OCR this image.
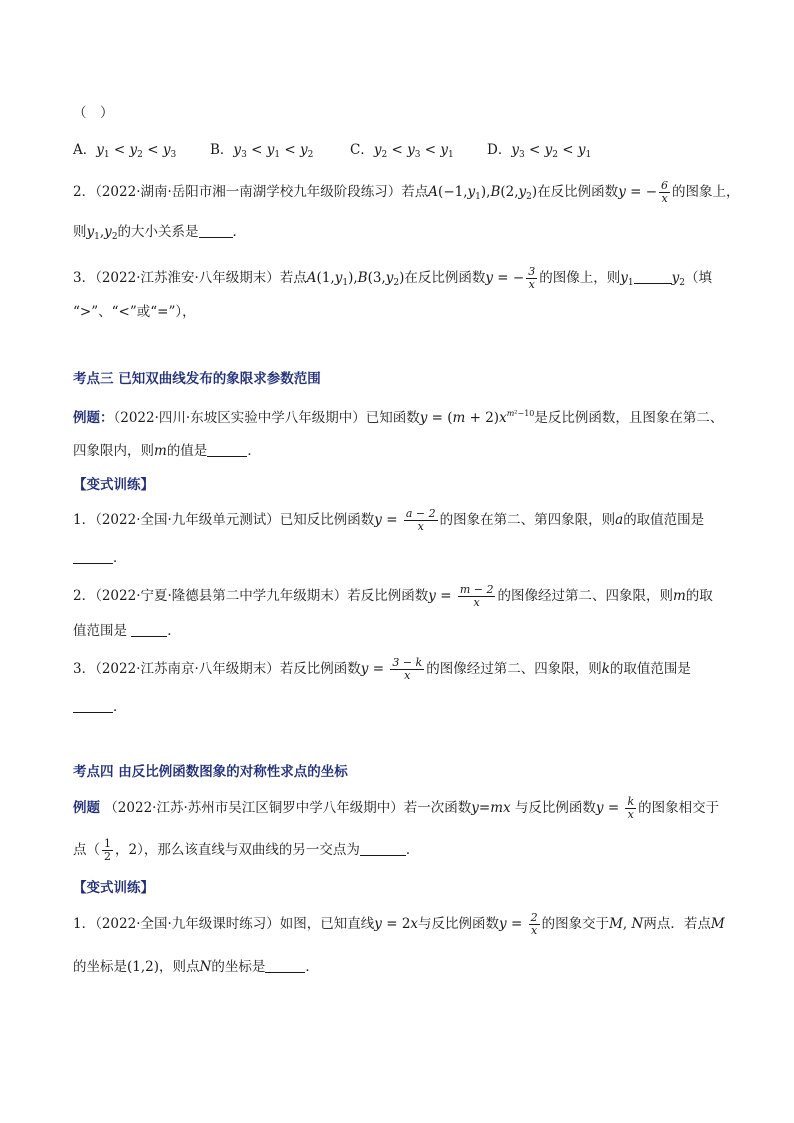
（　）
A．$y_1 < y_2 < y_3$	B．$y_3 < y_1 < y_2$	C．$y_2 < y_3 < y_1$ D．$y_3 < y_2 < y_1$
2．（2022·湖南·岳阳市湘一南湖学校九年级阶段练习）若点$A(-1,y_1),B(2,y_2)$在反比例函数y = − $\frac{6}{x}$ 的图象上，
则$y_1,y_2$的大小关系是	．
3．（2022·江苏淮安·八年级期末）若点$A(1,y_1),B(3,y_2)$在反比例函数y = − $\frac{3}{x}$ 的图像上，则$y_1$	$y_2$（填
“>”、“<”或“=”），
考点三 已知双曲线发布的象限求参数范围
例题：（2022·四川·东坡区实验中学八年级期中）已知函数$y = (m + 2)x^{m^2-10}$是反比例函数，且图象在第二、
四象限内，则m的值是	．
【变式训练】
1．（2022·全国·九年级单元测试）已知反比例函数$y = \frac{a - 2}{x}$ 的图象在第二、第四象限，则a的取值范围是
．
2．（2022·宁夏·隆德县第二中学九年级期末）若反比例函数$y = \frac{m - 2}{x}$ 的图像经过第二、四象限，则m的取
值范围是	．
3．（2022·江苏南京·八年级期末）若反比例函数$y = \frac{3 - k}{x}$ 的图像经过第二、四象限，则k的取值范围是
．
考点四 由反比例函数图象的对称性求点的坐标
例题 （2022·江苏·苏州市吴江区铜罗中学八年级期中）若一次函数y=mx 与反比例函数$y = \frac{k}{x}$ 的图象相交于
点（ $\frac{1}{2}$ ，2），那么该直线与双曲线的另一交点为	．
【变式训练】
1．（2022·全国·九年级课时练习）如图，已知直线y = 2x与反比例函数$y = \frac{2}{x}$ 的图象交于M, N两点．若点M
的坐标是(1,2)，则点N的坐标是	．
